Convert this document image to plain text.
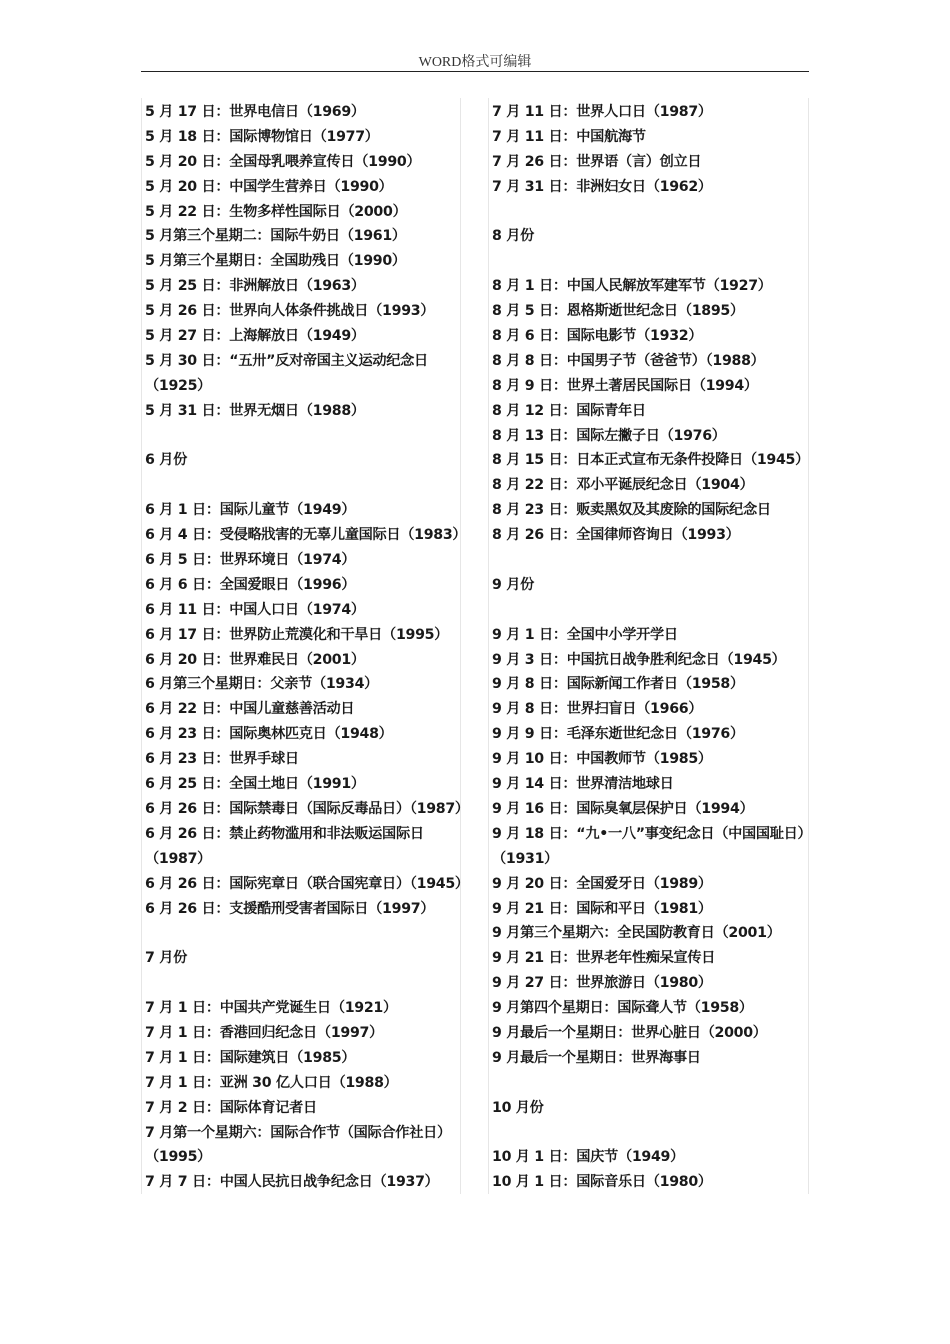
WORD格式可编辑
5 月 17 日：世界电信日（1969）
5 月 18 日：国际博物馆日（1977）
5 月 20 日：全国母乳喂养宣传日（1990）
5 月 20 日：中国学生营养日（1990）
5 月 22 日：生物多样性国际日（2000）
5 月第三个星期二：国际牛奶日（1961）
5 月第三个星期日：全国助残日（1990）
5 月 25 日：非洲解放日（1963）
5 月 26 日：世界向人体条件挑战日（1993）
5 月 27 日：上海解放日（1949）
5 月 30 日：“五卅”反对帝国主义运动纪念日
（1925）
5 月 31 日：世界无烟日（1988）
6 月份
6 月 1 日：国际儿童节（1949）
6 月 4 日：受侵略戕害的无辜儿童国际日（1983）
6 月 5 日：世界环境日（1974）
6 月 6 日：全国爱眼日（1996）
6 月 11 日：中国人口日（1974）
6 月 17 日：世界防止荒漠化和干旱日（1995）
6 月 20 日：世界难民日（2001）
6 月第三个星期日：父亲节（1934）
6 月 22 日：中国儿童慈善活动日
6 月 23 日：国际奥林匹克日（1948）
6 月 23 日：世界手球日
6 月 25 日：全国土地日（1991）
6 月 26 日：国际禁毒日（国际反毒品日）（1987）
6 月 26 日：禁止药物滥用和非法贩运国际日
（1987）
6 月 26 日：国际宪章日（联合国宪章日）（1945）
6 月 26 日：支援酷刑受害者国际日（1997）
7 月份
7 月 1 日：中国共产党诞生日（1921）
7 月 1 日：香港回归纪念日（1997）
7 月 1 日：国际建筑日（1985）
7 月 1 日：亚洲 30 亿人口日（1988）
7 月 2 日：国际体育记者日
7 月第一个星期六：国际合作节（国际合作社日）
（1995）
7 月 7 日：中国人民抗日战争纪念日（1937）
7 月 11 日：世界人口日（1987）
7 月 11 日：中国航海节
7 月 26 日：世界语（言）创立日
7 月 31 日：非洲妇女日（1962）
8 月份
8 月 1 日：中国人民解放军建军节（1927）
8 月 5 日：恩格斯逝世纪念日（1895）
8 月 6 日：国际电影节（1932）
8 月 8 日：中国男子节（爸爸节）（1988）
8 月 9 日：世界土著居民国际日（1994）
8 月 12 日：国际青年日
8 月 13 日：国际左撇子日（1976）
8 月 15 日：日本正式宣布无条件投降日（1945）
8 月 22 日：邓小平诞辰纪念日（1904）
8 月 23 日：贩卖黑奴及其废除的国际纪念日
8 月 26 日：全国律师咨询日（1993）
9 月份
9 月 1 日：全国中小学开学日
9 月 3 日：中国抗日战争胜利纪念日（1945）
9 月 8 日：国际新闻工作者日（1958）
9 月 8 日：世界扫盲日（1966）
9 月 9 日：毛泽东逝世纪念日（1976）
9 月 10 日：中国教师节（1985）
9 月 14 日：世界清洁地球日
9 月 16 日：国际臭氧层保护日（1994）
9 月 18 日：“九•一八”事变纪念日（中国国耻日）
（1931）
9 月 20 日：全国爱牙日（1989）
9 月 21 日：国际和平日（1981）
9 月第三个星期六：全民国防教育日（2001）
9 月 21 日：世界老年性痴呆宣传日
9 月 27 日：世界旅游日（1980）
9 月第四个星期日：国际聋人节（1958）
9 月最后一个星期日：世界心脏日（2000）
9 月最后一个星期日：世界海事日
10 月份
10 月 1 日：国庆节（1949）
10 月 1 日：国际音乐日（1980）
